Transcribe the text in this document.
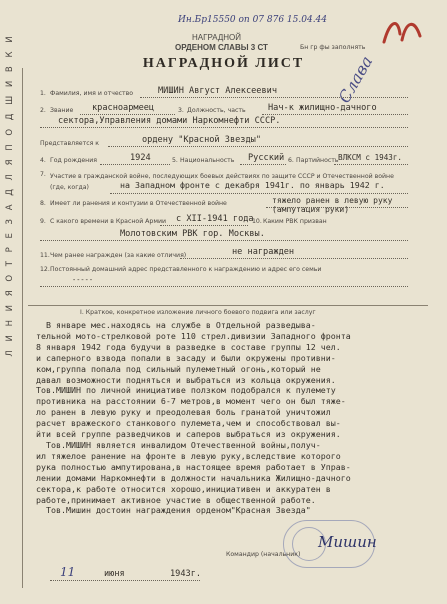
Ин.Бр15550 оп 07 876 15.04.44
Бн гр фы заполнять
НАГРАДНОЙ
ОРДЕНОМ СЛАВЫ 3 СТ
Слава
НАГРАДНОЙ ЛИСТ
Л И Н И Я О Т Р Е З А Д Л Я П О Д Ш И В К И	1. Фамилия, имя и отчество	МИШИН Август Алексеевич
2. Звание красноармеец	3. Должность, часть	Нач-к жилищно-дачного
сектора,Управления домами Наркомнефти СССР.
Представляется к	ордену "Красной Звезды"
4. Год рождения	1924	5. Национальность Русский 6. Партийность ВЛКСМ с 1943г.
7. Участие в гражданской войне, последующих боевых действиях по защите СССР и Отечественной войне (где, когда)	на Западном фронте с декабря 1941г. по январь 1942 г.
8. Имеет ли ранения и контузии в Отечественной войне	тяжело ранен в левую руку (ампутация руки)
9. С какого времени в Красной Армии с XII-1941 года
10. Каким РВК призван
Молотовским РВК гор. Москвы.
11. Чем ранее награжден (за какие отличия)	не награжден
12. Постоянный домашний адрес представленного к награждению и адрес его семьи
-----
I. Краткое, конкретное изложение личного боевого подвига или заслуг
В январе мес.находясь на службе в Отдельной разведыва-
тельной мото-стрелковой роте 110 стрел.дивизии Западного фронта
8 января 1942 года будучи в разведке в составе группы 12 чел.
и саперного взвода попали в засаду и были окружены противни-
ком,группа попала под сильный пулеметный огонь,который не
давал возможности подняться и выбраться из кольца окружения.
Тов.МИШИН по личной инициативе ползком подобрался к пулемету
противника на расстоянии 6-7 метров,в момент чего он был тяже-
ло ранен в левую руку и преодолевая боль гранатой уничтожил
расчет вражеского станкового пулемета,чем и способствовал вы-
йти всей группе разведчиков и саперов выбраться из окружения.
Тов.МИШИН является инвалидом Отечественной войны,получ-
ил тяжелое ранение на фронте в левую руку,вследствие которого
рука полностью ампутирована,в настоящее время работает в Управ-
лении домами Наркомнефти в должности начальника Жилищно-дачного
сектора,к работе относится хорошо,инициативен и аккуратен в
работе,принимает активное участие в общественной работе.
Тов.Мишин достоин награждения орденом"Красная Звезда"
Мишин
Командир (начальник)
11	июня	1943г.
